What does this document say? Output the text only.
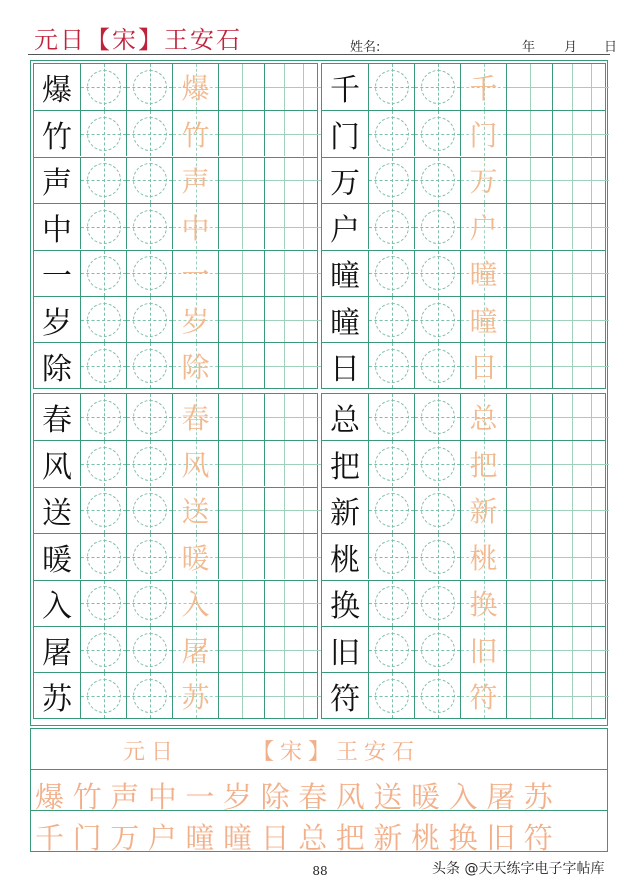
元日【宋】王安石	姓名:	年 月 日
爆	爆
竹	竹
声	声
中	中
一	一
岁	岁
除	除
千	千
门	门
万	万
户	户
曈	曈
曈	曈
日	日
春	春
风	风
送	送
暖	暖
入	入
屠	屠
苏	苏
总	总
把	把
新	新
桃	桃
换	换
旧	旧
符	符
元日　　　【宋】王安石
爆竹声中一岁除春风送暖入屠苏
千门万户曈曈日总把新桃换旧符
88	头条 @天天练字电子字帖库
